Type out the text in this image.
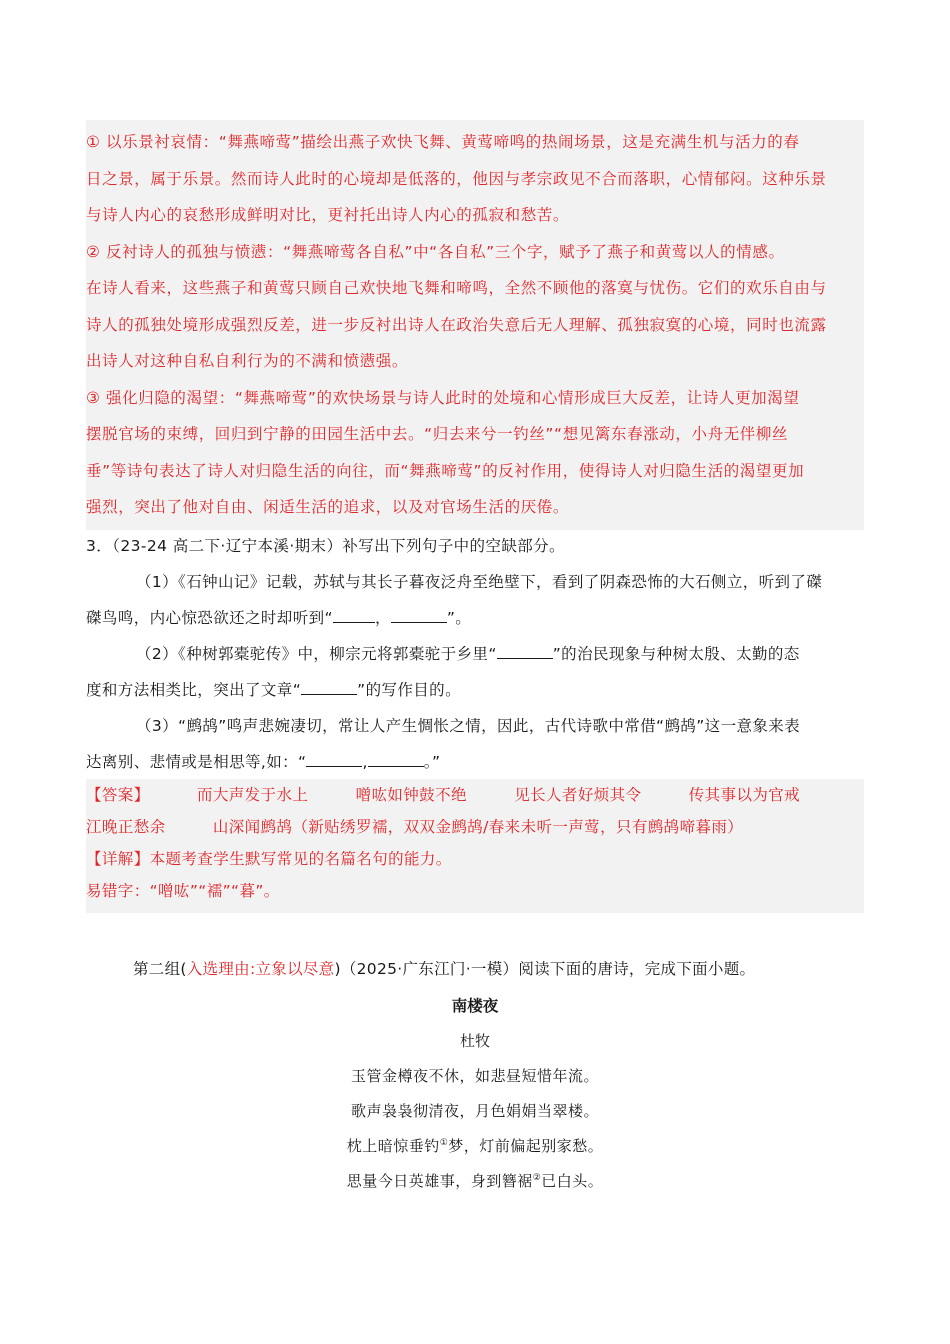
① 以乐景衬哀情：“舞燕啼莺”描绘出燕子欢快飞舞、黄莺啼鸣的热闹场景，这是充满生机与活力的春

日之景，属于乐景。然而诗人此时的心境却是低落的，他因与孝宗政见不合而落职，心情郁闷。这种乐景

与诗人内心的哀愁形成鲜明对比，更衬托出诗人内心的孤寂和愁苦。

② 反衬诗人的孤独与愤懑：“舞燕啼莺各自私”中“各自私”三个字，赋予了燕子和黄莺以人的情感。

在诗人看来，这些燕子和黄莺只顾自己欢快地飞舞和啼鸣，全然不顾他的落寞与忧伤。它们的欢乐自由与

诗人的孤独处境形成强烈反差，进一步反衬出诗人在政治失意后无人理解、孤独寂寞的心境，同时也流露

出诗人对这种自私自利行为的不满和愤懑强。

③ 强化归隐的渴望：“舞燕啼莺”的欢快场景与诗人此时的处境和心情形成巨大反差，让诗人更加渴望

摆脱官场的束缚，回归到宁静的田园生活中去。“归去来兮一钓丝”“想见篱东春涨动，小舟无伴柳丝

垂”等诗句表达了诗人对归隐生活的向往，而“舞燕啼莺”的反衬作用，使得诗人对归隐生活的渴望更加

强烈，突出了他对自由、闲适生活的追求，以及对官场生活的厌倦。

3．（23-24 高二下·辽宁本溪·期末）补写出下列句子中的空缺部分。

（1）《石钟山记》记载，苏轼与其长子暮夜泛舟至绝壁下，看到了阴森恐怖的大石侧立，听到了磔

磔鸟鸣，内心惊恐欲还之时却听到“	，	”。

（2）《种树郭橐驼传》中，柳宗元将郭橐驼于乡里“	”的治民现象与种树太殷、太勤的态

度和方法相类比，突出了文章“	”的写作目的。

（3）“鹧鸪”鸣声悲婉凄切，常让人产生惆怅之情，因此，古代诗歌中常借“鹧鸪”这一意象来表

达离别、悲情或是相思等,如：“	,	。”

【答案】	而大声发于水上	噌吰如钟鼓不绝	见长人者好烦其令	传其事以为官戒

江晚正愁余	山深闻鹧鸪（新贴绣罗襦，双双金鹧鸪/春来未听一声莺，只有鹧鸪啼暮雨）

【详解】本题考查学生默写常见的名篇名句的能力。

易错字：“噌吰”“襦”“暮”。

第二组(入选理由:立象以尽意)（2025·广东江门·一模）阅读下面的唐诗，完成下面小题。
南楼夜
杜牧
玉管金樽夜不休，如悲昼短惜年流。
歌声袅袅彻清夜，月色娟娟当翠楼。
枕上暗惊垂钓①梦，灯前偏起别家愁。
思量今日英雄事，身到簪裾②已白头。
